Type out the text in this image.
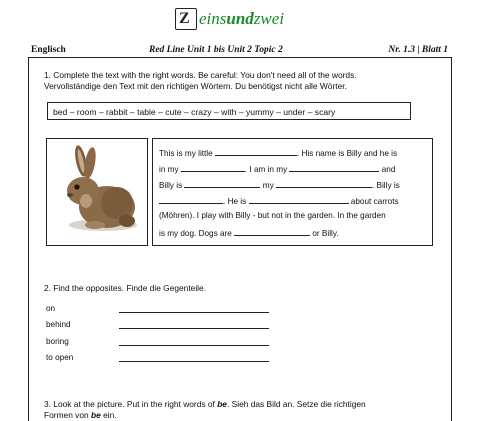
Z einsundzwei
Englisch	Red Line Unit 1 bis Unit 2 Topic 2	Nr. 1.3 | Blatt 1
1. Complete the text with the right words. Be careful: You don't need all of the words.
Vervollständige den Text mit den richtigen Wörtern. Du benötigst nicht alle Wörter.
bed – room – rabbit – table – cute – crazy – with – yummy – under – scary
This is my little	. His name is Billy and he is
in my	. I am in my	and
Billy is	my	. Billy is
. He is	about carrots
(Möhren). I play with Billy - but not in the garden. In the garden
is my dog. Dogs are	or Billy.
2. Find the opposites. Finde die Gegenteile.
on
behind
boring
to open
3. Look at the picture. Put in the right words of be. Sieh das Bild an. Setze die richtigen
Formen von be ein.
